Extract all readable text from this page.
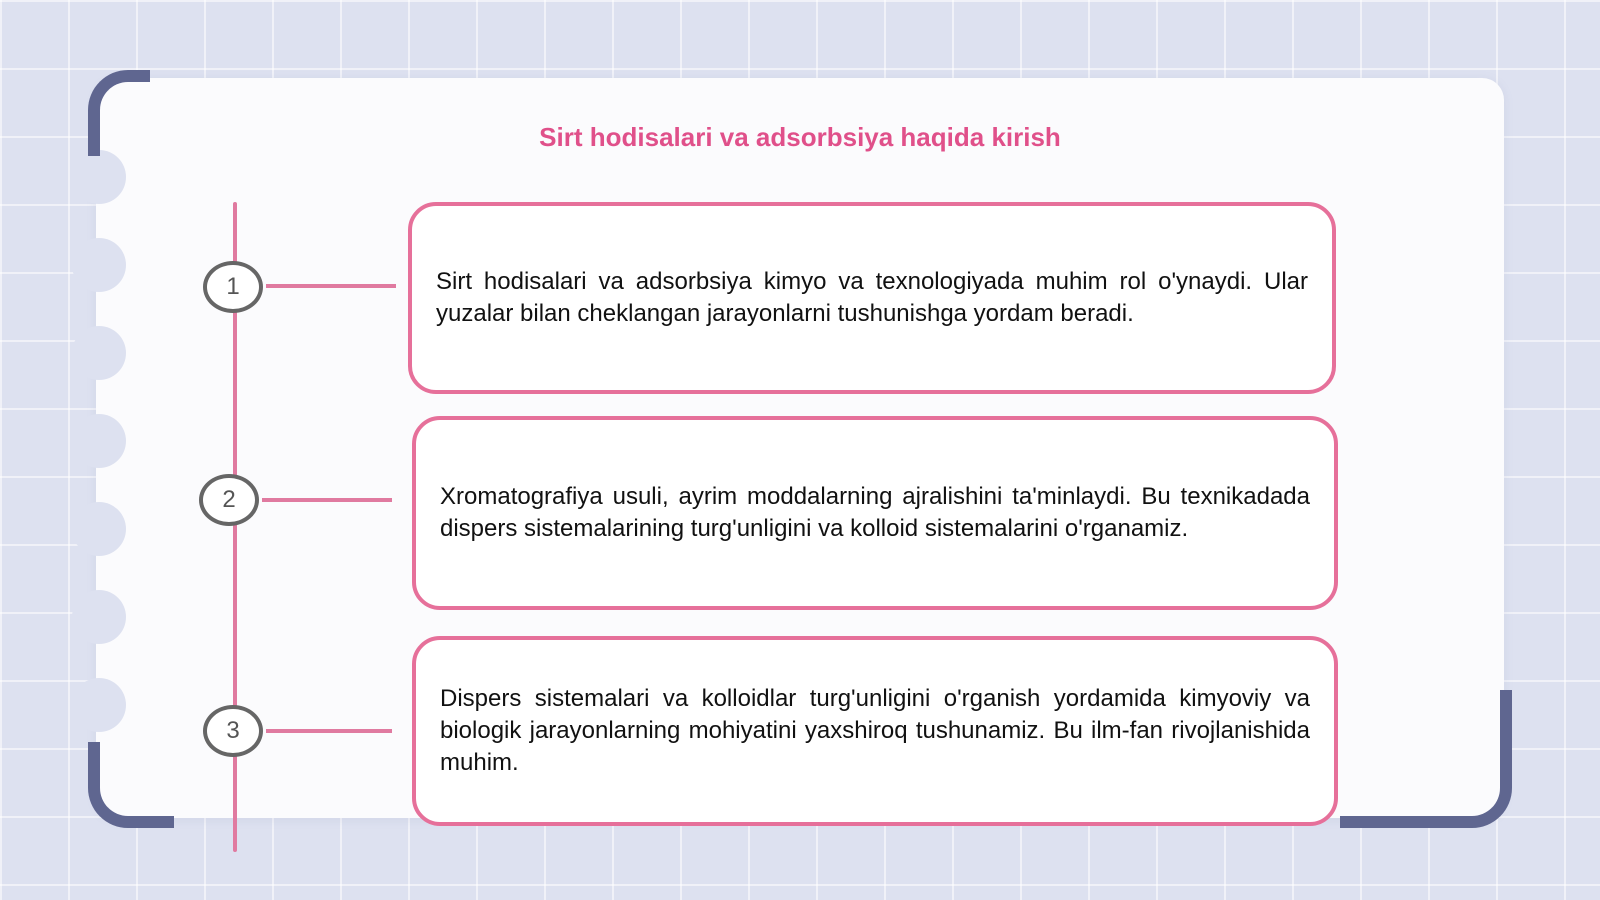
Sirt hodisalari va adsorbsiya haqida kirish
1
2
3

Sirt hodisalari va adsorbsiya kimyo va texnologiyada muhim rol o'ynaydi. Ular yuzalar bilan cheklangan jarayonlarni tushunishga yordam beradi.

Xromatografiya usuli, ayrim moddalarning ajralishini ta'minlaydi. Bu texnikadada dispers sistemalarining turg'unligini va kolloid sistemalarini o'rganamiz.

Dispers sistemalari va kolloidlar turg'unligini o'rganish yordamida kimyoviy va biologik jarayonlarning mohiyatini yaxshiroq tushunamiz. Bu ilm-fan rivojlanishida muhim.
